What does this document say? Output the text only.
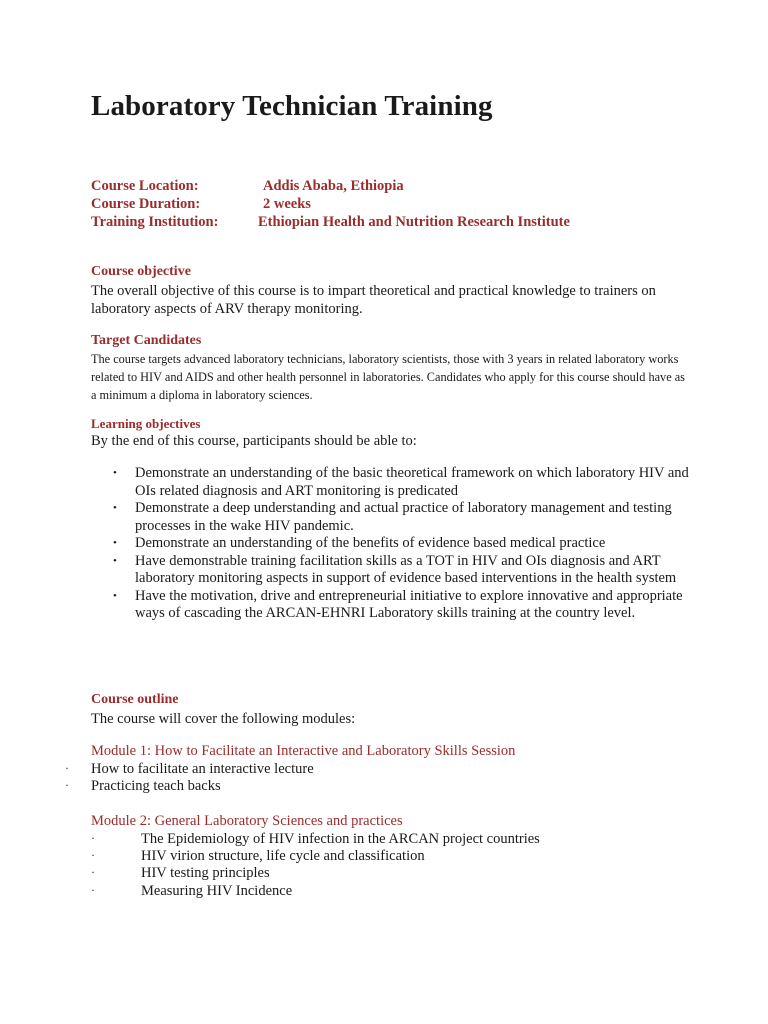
Laboratory Technician Training
Course Location:	Addis Ababa, Ethiopia
Course Duration:	2 weeks
Training Institution:	Ethiopian Health and Nutrition Research Institute
Course objective
The overall objective of this course is to impart theoretical and practical knowledge to trainers on laboratory aspects of ARV therapy monitoring.
Target Candidates
The course targets advanced laboratory technicians, laboratory scientists, those with 3 years in related laboratory works related to HIV and AIDS and other health personnel in laboratories. Candidates who apply for this course should have as a minimum a diploma in laboratory sciences.
Learning objectives
By the end of this course, participants should be able to:
• Demonstrate an understanding of the basic theoretical framework on which laboratory HIV and OIs related diagnosis and ART monitoring is predicated
• Demonstrate a deep understanding and actual practice of laboratory management and testing processes in the wake HIV pandemic.
• Demonstrate an understanding of the benefits of evidence based medical practice
• Have demonstrable training facilitation skills as a TOT in HIV and OIs diagnosis and ART laboratory monitoring aspects in support of evidence based interventions in the health system
• Have the motivation, drive and entrepreneurial initiative to explore innovative and appropriate ways of cascading the ARCAN-EHNRI Laboratory skills training at the country level.
Course outline
The course will cover the following modules:
Module 1: How to Facilitate an Interactive and Laboratory Skills Session
· How to facilitate an interactive lecture
· Practicing teach backs
Module 2: General Laboratory Sciences and practices
·	The Epidemiology of HIV infection in the ARCAN project countries
·	HIV virion structure, life cycle and classification
·	HIV testing principles
·	Measuring HIV Incidence
